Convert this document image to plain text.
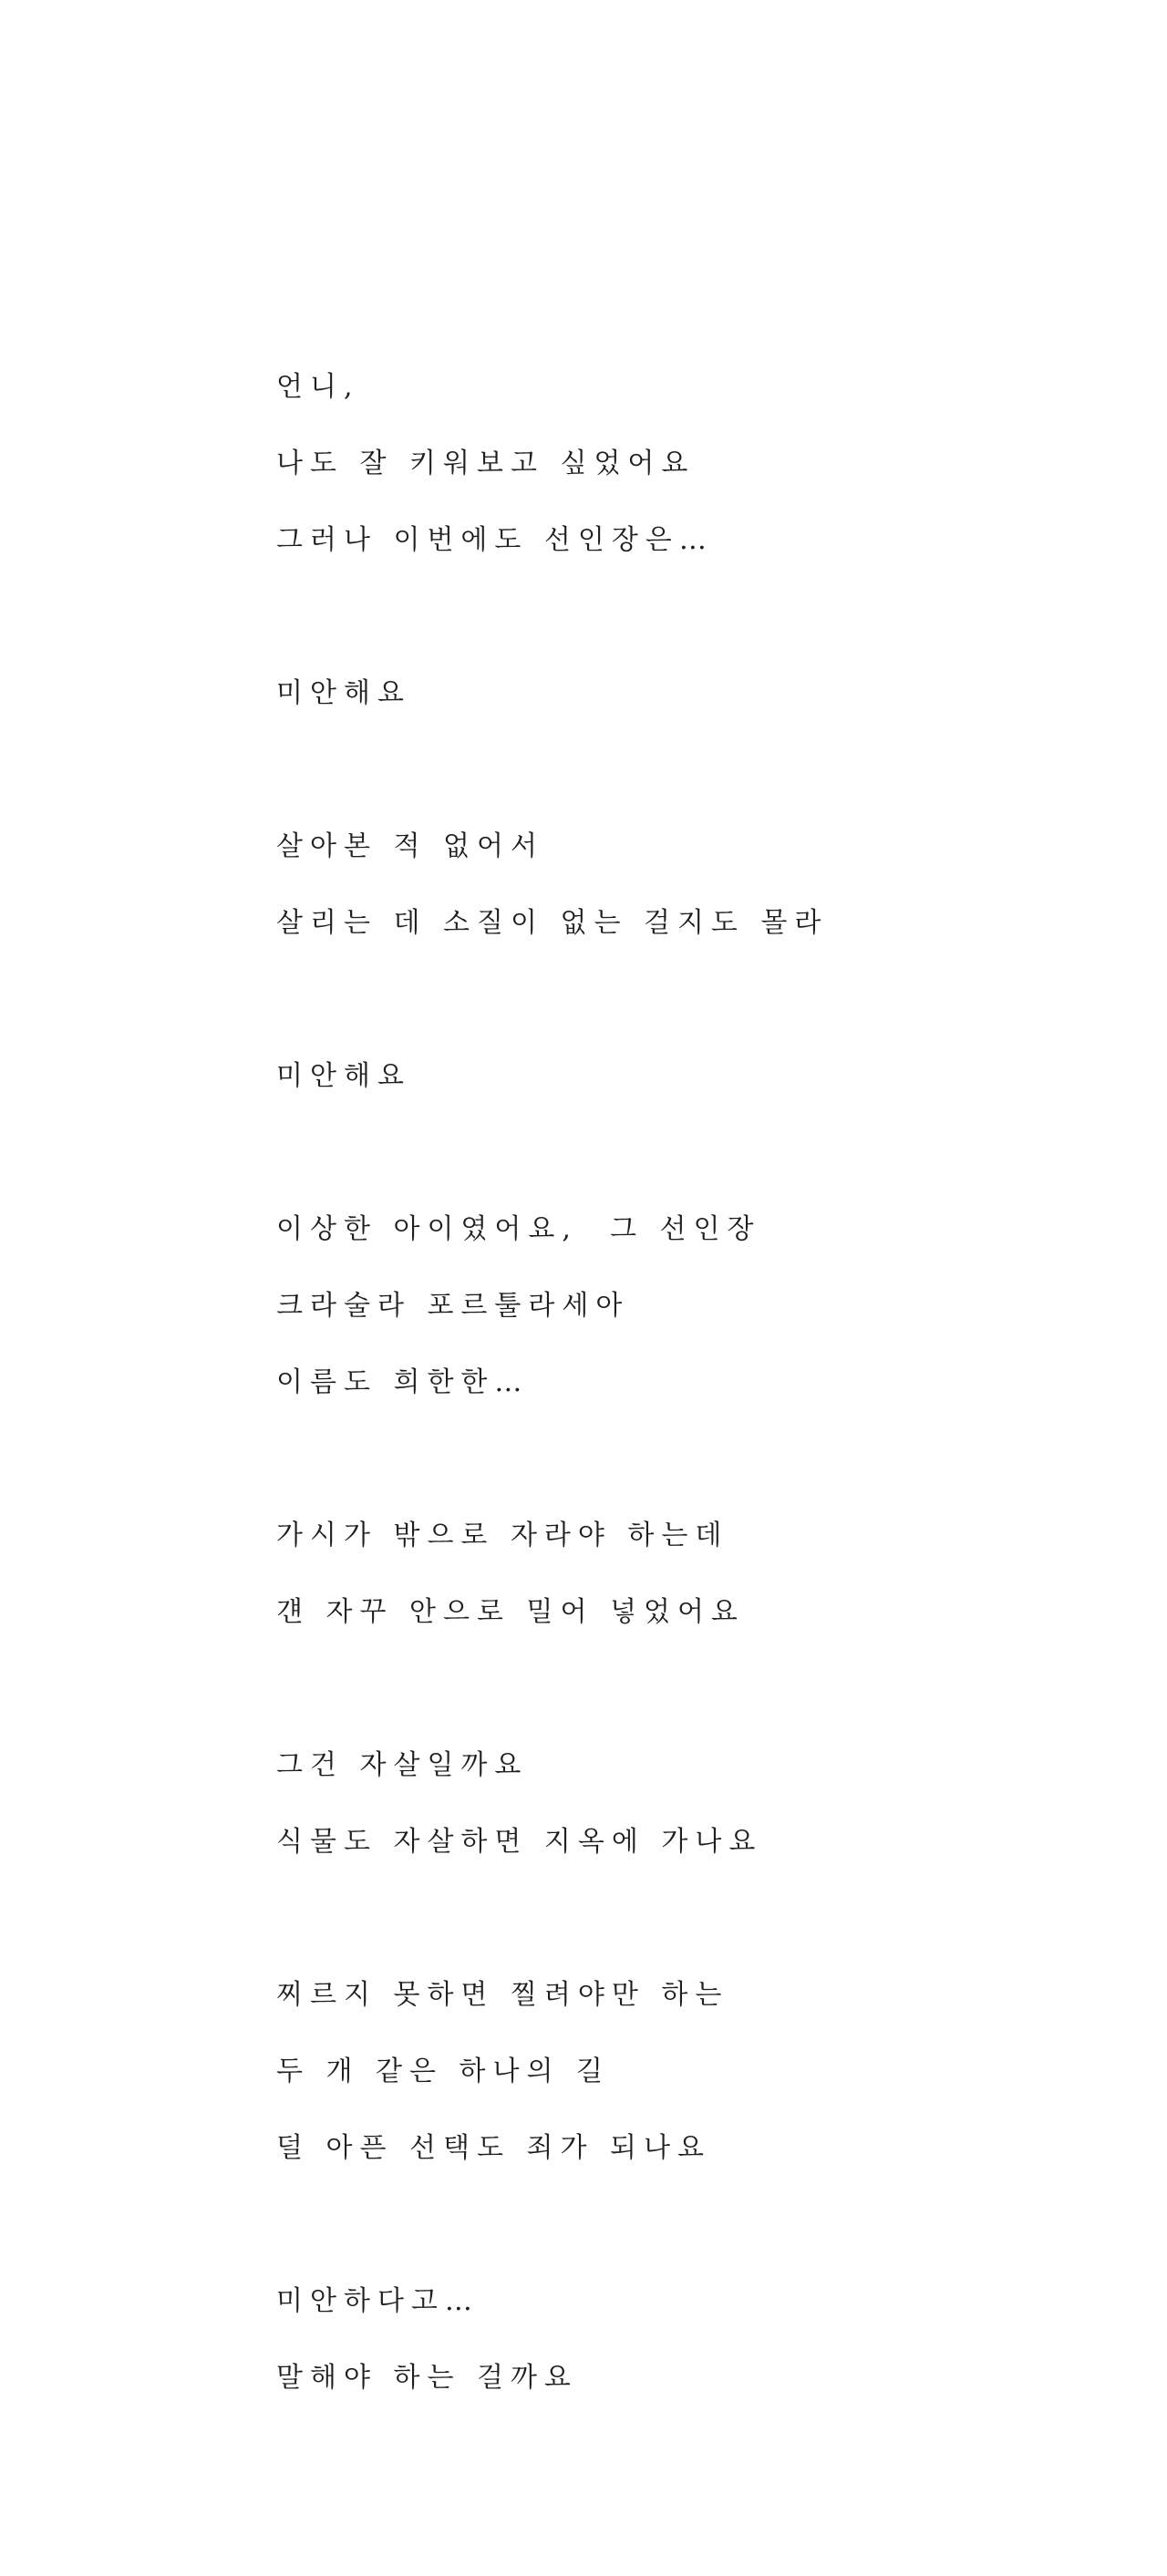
언니,
나도 잘 키워보고 싶었어요
그러나 이번에도 선인장은…
미안해요
살아본 적 없어서
살리는 데 소질이 없는 걸지도 몰라
미안해요
이상한 아이였어요,  그 선인장
크라술라 포르툴라세아
이름도 희한한…
가시가 밖으로 자라야 하는데
걘 자꾸 안으로 밀어 넣었어요
그건 자살일까요
식물도 자살하면 지옥에 가나요
찌르지 못하면 찔려야만 하는
두 개 같은 하나의 길
덜 아픈 선택도 죄가 되나요
미안하다고…
말해야 하는 걸까요
